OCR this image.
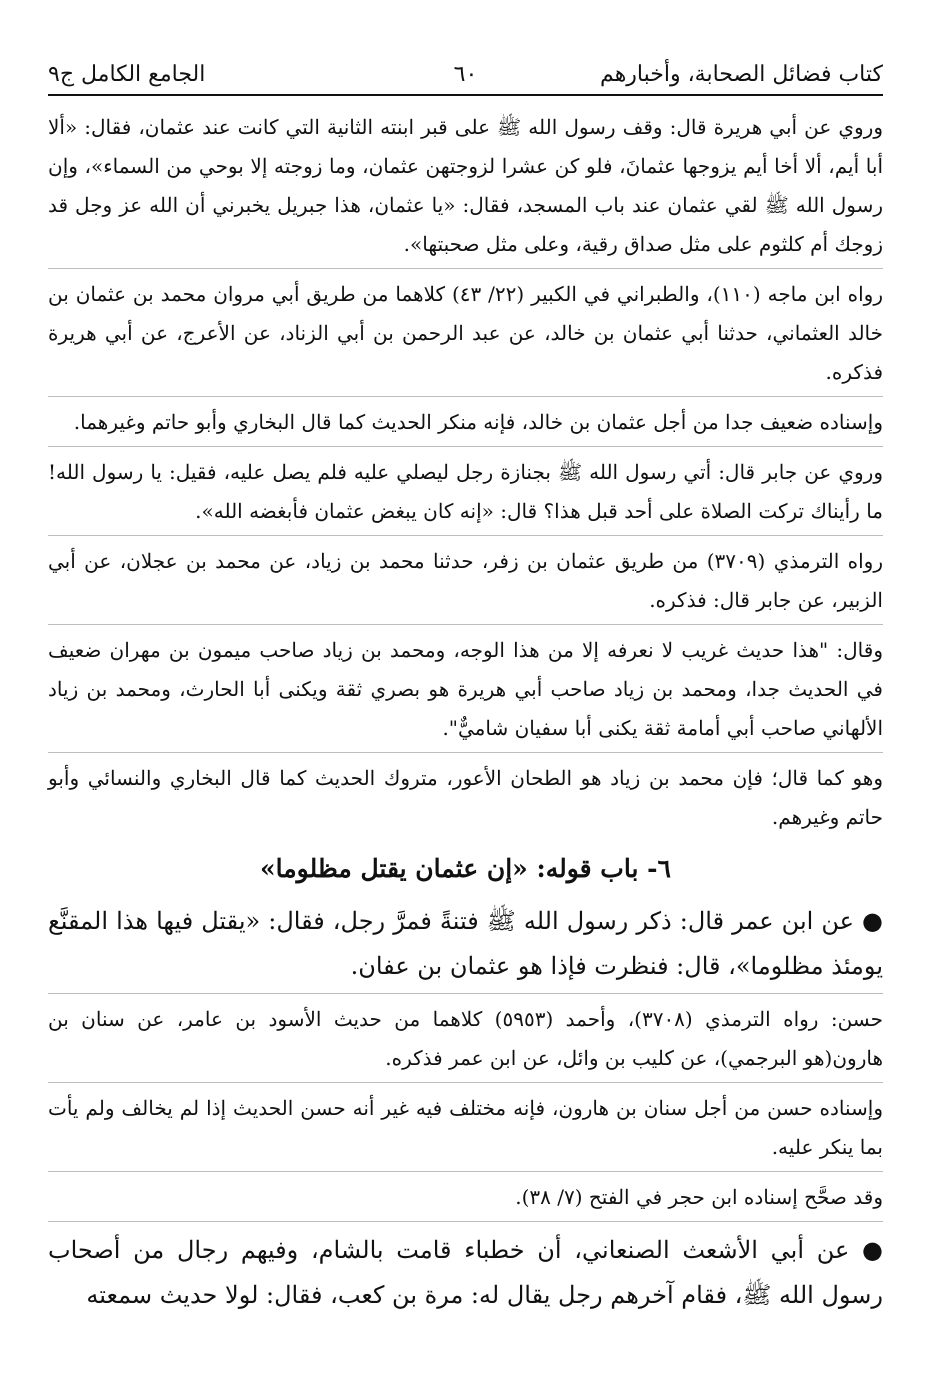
كتاب فضائل الصحابة، وأخبارهم
٦٠
الجامع الكامل ج٩

وروي عن أبي هريرة قال: وقف رسول الله ﷺ على قبر ابنته الثانية التي كانت عند عثمان، فقال: «ألا أبا أيم، ألا أخا أيم يزوجها عثمانَ، فلو كن عشرا لزوجتهن عثمان، وما زوجته إلا بوحي من السماء»، وإن رسول الله ﷺ لقي عثمان عند باب المسجد، فقال: «يا عثمان، هذا جبريل يخبرني أن الله عز وجل قد زوجك أم كلثوم على مثل صداق رقية، وعلى مثل صحبتها».

رواه ابن ماجه (١١٠)، والطبراني في الكبير (٢٢/ ٤٣) كلاهما من طريق أبي مروان محمد بن عثمان بن خالد العثماني، حدثنا أبي عثمان بن خالد، عن عبد الرحمن بن أبي الزناد، عن الأعرج، عن أبي هريرة فذكره.

وإسناده ضعيف جدا من أجل عثمان بن خالد، فإنه منكر الحديث كما قال البخاري وأبو حاتم وغيرهما.

وروي عن جابر قال: أتي رسول الله ﷺ بجنازة رجل ليصلي عليه فلم يصل عليه، فقيل: يا رسول الله! ما رأيناك تركت الصلاة على أحد قبل هذا؟ قال: «إنه كان يبغض عثمان فأبغضه الله».

رواه الترمذي (٣٧٠٩) من طريق عثمان بن زفر، حدثنا محمد بن زياد، عن محمد بن عجلان، عن أبي الزبير، عن جابر قال: فذكره.

وقال: "هذا حديث غريب لا نعرفه إلا من هذا الوجه، ومحمد بن زياد صاحب ميمون بن مهران ضعيف في الحديث جدا، ومحمد بن زياد صاحب أبي هريرة هو بصري ثقة ويكنى أبا الحارث، ومحمد بن زياد الألهاني صاحب أبي أمامة ثقة يكنى أبا سفيان شاميٌّ".

وهو كما قال؛ فإن محمد بن زياد هو الطحان الأعور، متروك الحديث كما قال البخاري والنسائي وأبو حاتم وغيرهم.

٦- باب قوله: «إن عثمان يقتل مظلوما»

● عن ابن عمر قال: ذكر رسول الله ﷺ فتنةً فمرَّ رجل، فقال: «يقتل فيها هذا المقنَّع يومئذ مظلوما»، قال: فنظرت فإذا هو عثمان بن عفان.

حسن: رواه الترمذي (٣٧٠٨)، وأحمد (٥٩٥٣) كلاهما من حديث الأسود بن عامر، عن سنان بن هارون(هو البرجمي)، عن كليب بن وائل، عن ابن عمر فذكره.

وإسناده حسن من أجل سنان بن هارون، فإنه مختلف فيه غير أنه حسن الحديث إذا لم يخالف ولم يأت بما ينكر عليه.

وقد صحَّح إسناده ابن حجر في الفتح (٧/ ٣٨).

● عن أبي الأشعث الصنعاني، أن خطباء قامت بالشام، وفيهم رجال من أصحاب رسول الله ﷺ، فقام آخرهم رجل يقال له: مرة بن كعب، فقال: لولا حديث سمعته
